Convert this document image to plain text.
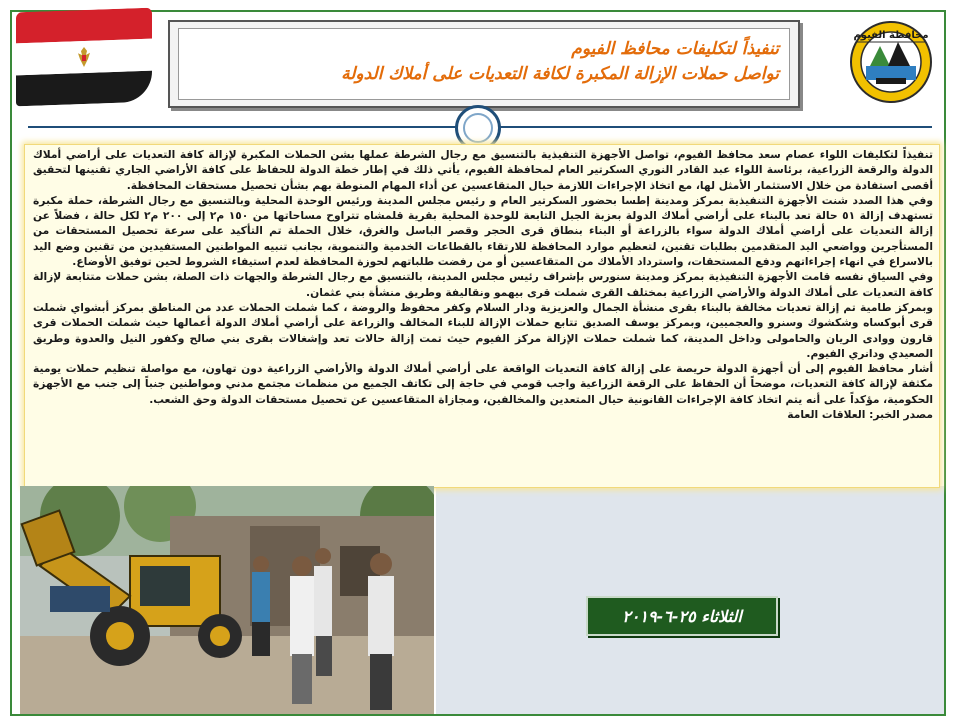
محافظة الفيوم
تنفيذاً لتكليفات محافظ الفيوم
تواصل حملات الإزالة المكبرة لكافة التعديات على أملاك الدولة

تنفيذاً لتكليفات اللواء عصام سعد محافظ الفيوم، تواصل الأجهزة التنفيذية بالتنسيق مع رجال الشرطة عملها بشن الحملات المكبرة لإزالة كافة التعديات على أراضي أملاك الدولة والرقعة الزراعية، برئاسة اللواء عبد القادر النوري السكرتير العام لمحافظة الفيوم، يأتي ذلك في إطار خطة الدولة للحفاظ على كافة الأراضي الجاري تقنينها لتحقيق أقصى استفادة من خلال الاستثمار الأمثل لها، مع اتخاذ الإجراءات اللازمة حيال المتقاعسين عن أداء المهام المنوطة بهم بشأن تحصيل مستحقات المحافظة.

وفي هذا الصدد شنت الأجهزة التنفيذية بمركز ومدينة إطسا بحضور السكرتير العام و رئيس مجلس المدينة ورئيس الوحدة المحلية وبالتنسيق مع رجال الشرطة، حملة مكبرة تستهدف إزالة ٥١ حالة تعد بالبناء على أراضي أملاك الدولة بعزبة الجبل التابعة للوحدة المحلية بقرية قلمشاه تتراوح مساحاتها من ١٥٠ م٢ إلى ٢٠٠ م٢ لكل حالة ، فضلاً عن إزالة التعديات على أراضي أملاك الدولة سواء بالزراعة أو البناء بنطاق قرى الحجر وقصر الباسل والغرق، خلال الحملة تم التأكيد على سرعة تحصيل المستحقات من المستأجرين وواضعي اليد المتقدمين بطلبات تقنين، لتعظيم موارد المحافظة للارتقاء بالقطاعات الخدمية والتنموية، بجانب تنبيه المواطنين المستفيدين من تقنين وضع اليد بالاسراع في انهاء إجراءاتهم ودفع المستحقات، واسترداد الأملاك من المتقاعسين أو من رفضت طلباتهم لحوزة المحافظة لعدم استيفاء الشروط لحين توفيق الأوضاع.

وفي السياق نفسه قامت الأجهزة التنفيذية بمركز ومدينة سنورس بإشراف رئيس مجلس المدينة، بالتنسيق مع رجال الشرطة والجهات ذات الصلة، بشن حملات متتابعة لإزالة كافة التعديات على أملاك الدولة والأراضي الزراعية بمختلف القرى شملت قرى بيهمو ونقاليفة وطريق منشأة بني عثمان.

وبمركز طامية تم إزالة تعديات مخالفة بالبناء بقرى منشأة الجمال والعزيزية ودار السلام وكفر محفوظ والروضة ، كما شملت الحملات عدد من المناطق بمركز أبشواي شملت قرى أبوكساه وشكشوك وسنرو والعجميين، وبمركز يوسف الصديق تتابع حملات الإزالة للبناء المخالف والزراعة على أراضي أملاك الدولة أعمالها حيث شملت الحملات قرى قارون ووادى الريان والحامولى وداخل المدينة، كما شملت حملات الإزالة مركز الفيوم حيث تمت إزالة حالات تعد وإشغالات بقرى بني صالح وكفور النيل والعدوة وطريق الصعيدي ودانري الفيوم.

أشار محافظ الفيوم إلى أن أجهزة الدولة حريصة على إزالة كافة التعديات الواقعة على أراضي أملاك الدولة والأراضي الزراعية دون تهاون، مع مواصلة تنظيم حملات يومية مكثفة لإزالة كافة التعديات، موضحاً أن الحفاظ على الرقعة الزراعية واجب قومي في حاجة إلى تكاتف الجميع من منظمات مجتمع مدني ومواطنين جنباً إلى جنب مع الأجهزة الحكومية، مؤكداً على أنه يتم اتخاذ كافة الإجراءات القانونية حيال المتعدين والمخالفين، ومجازاة المتقاعسين عن تحصيل مستحقات الدولة وحق الشعب.

مصدر الخبر: العلاقات العامة

الثلاثاء ٢٥-٦-٢٠١٩
